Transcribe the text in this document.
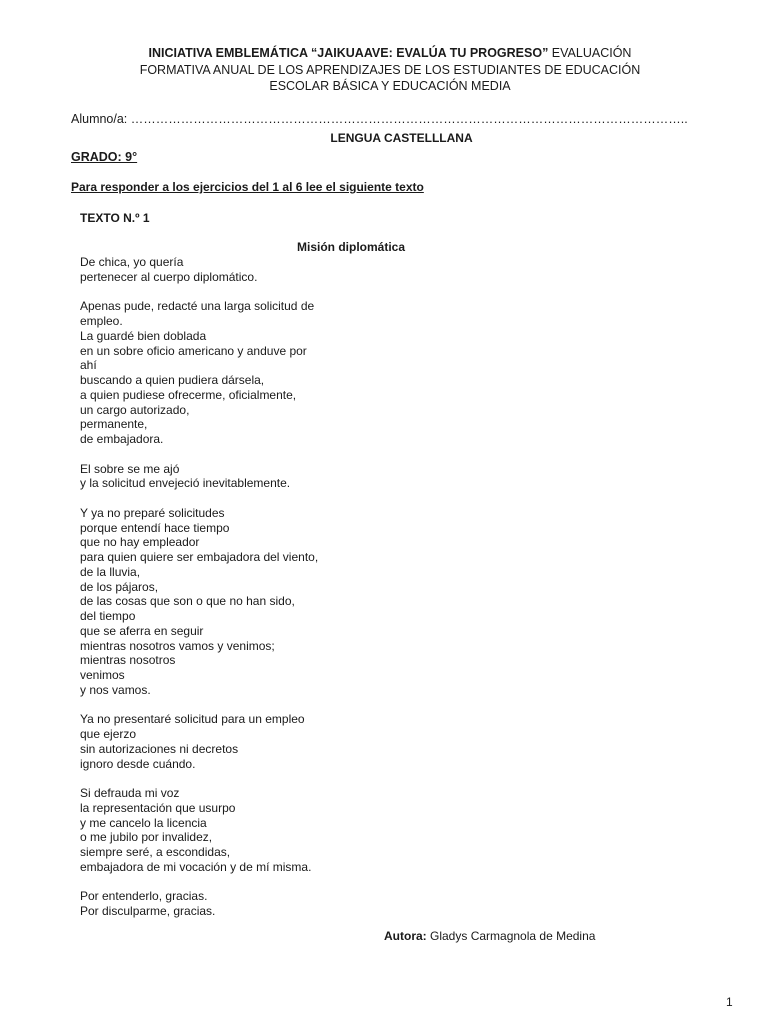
INICIATIVA EMBLEMÁTICA “JAIKUAAVE: EVALÚA TU PROGRESO” EVALUACIÓN
FORMATIVA ANUAL DE LOS APRENDIZAJES DE LOS ESTUDIANTES DE EDUCACIÓN
ESCOLAR BÁSICA Y EDUCACIÓN MEDIA
Alumno/a: ……………………………………………………………………………………………………………………..
LENGUA CASTELLLANA
GRADO: 9°
Para responder a los ejercicios del 1 al 6 lee el siguiente texto
TEXTO N.º 1
Misión diplomática
De chica, yo quería
pertenecer al cuerpo diplomático.
Apenas pude, redacté una larga solicitud de
empleo.
La guardé bien doblada
en un sobre oficio americano y anduve por
ahí
buscando a quien pudiera dársela,
a quien pudiese ofrecerme, oficialmente,
un cargo autorizado,
permanente,
de embajadora.
El sobre se me ajó
y la solicitud envejeció inevitablemente.
Y ya no preparé solicitudes
porque entendí hace tiempo
que no hay empleador
para quien quiere ser embajadora del viento,
de la lluvia,
de los pájaros,
de las cosas que son o que no han sido,
del tiempo
que se aferra en seguir
mientras nosotros vamos y venimos;
mientras nosotros
venimos
y nos vamos.
Ya no presentaré solicitud para un empleo
que ejerzo
sin autorizaciones ni decretos
ignoro desde cuándo.
Si defrauda mi voz
la representación que usurpo
y me cancelo la licencia
o me jubilo por invalidez,
siempre seré, a escondidas,
embajadora de mi vocación y de mí misma.
Por entenderlo, gracias.
Por disculparme, gracias.
Autora: Gladys Carmagnola de Medina
1
